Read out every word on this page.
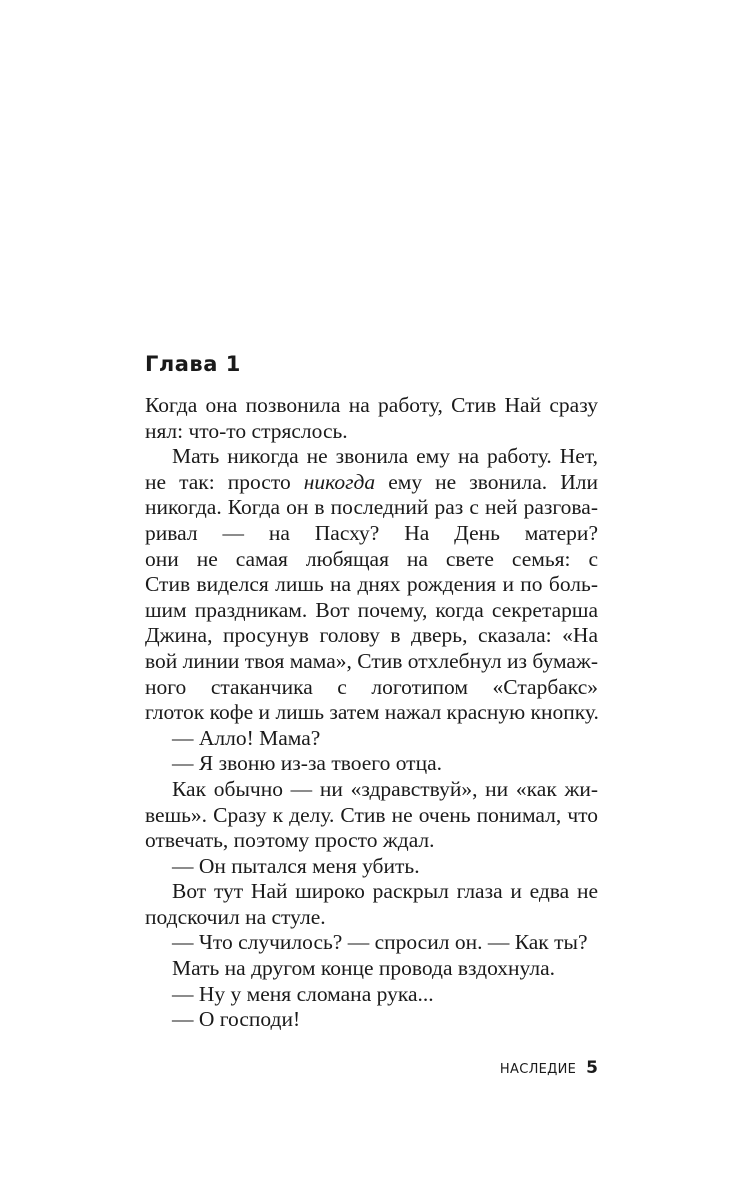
Глава 1
Когда она позвонила на работу, Стив Най сразу
нял: что-то стряслось.
Мать никогда не звонила ему на работу. Нет,
не так: просто никогда ему не звонила. Или
никогда. Когда он в последний раз с ней разгова-
ривал — на Пасху? На День матери?
они не самая любящая на свете семья: с
Стив виделся лишь на днях рождения и по боль-
шим праздникам. Вот почему, когда секретарша
Джина, просунув голову в дверь, сказала: «На
вой линии твоя мама», Стив отхлебнул из бумаж-
ного стаканчика с логотипом «Старбакс»
глоток кофе и лишь затем нажал красную кнопку.
— Алло! Мама?
— Я звоню из-за твоего отца.
Как обычно — ни «здравствуй», ни «как жи-
вешь». Сразу к делу. Стив не очень понимал, что
отвечать, поэтому просто ждал.
— Он пытался меня убить.
Вот тут Най широко раскрыл глаза и едва не
подскочил на стуле.
— Что случилось? — спросил он. — Как ты?
Мать на другом конце провода вздохнула.
— Ну у меня сломана рука...
— О господи!
НАСЛЕДИЕ 5
